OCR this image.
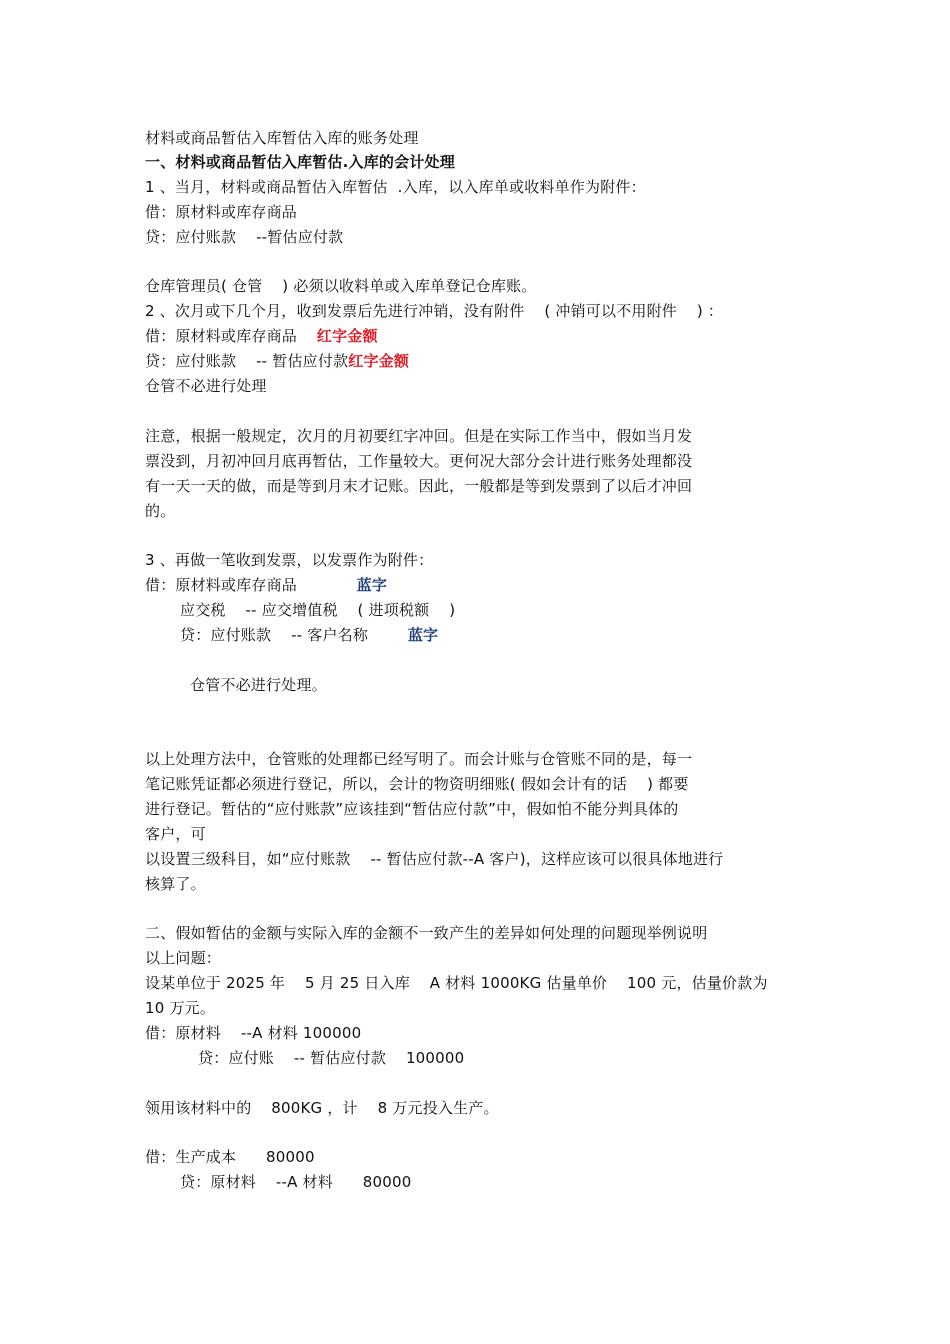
材料或商品暂估入库暂估入库的账务处理
一、材料或商品暂估入库暂估.入库的会计处理
1 、当月，材料或商品暂估入库暂估  .入库，以入库单或收料单作为附件：
借：原材料或库存商品
贷：应付账款    --暂估应付款
仓库管理员( 仓管    ) 必须以收料单或入库单登记仓库账。
2 、次月或下几个月，收到发票后先进行冲销，没有附件    ( 冲销可以不用附件    ) ：
借：原材料或库存商品    红字金额
贷：应付账款    -- 暂估应付款红字金额
仓管不必进行处理
注意，根据一般规定，次月的月初要红字冲回。但是在实际工作当中，假如当月发
票没到，月初冲回月底再暂估，工作量较大。更何况大部分会计进行账务处理都没
有一天一天的做，而是等到月末才记账。因此，一般都是等到发票到了以后才冲回
的。
3 、再做一笔收到发票，以发票作为附件：
借：原材料或库存商品            蓝字
应交税    -- 应交增值税    ( 进项税额    )
贷：应付账款    -- 客户名称        蓝字
仓管不必进行处理。
以上处理方法中，仓管账的处理都已经写明了。而会计账与仓管账不同的是，每一
笔记账凭证都必须进行登记，所以，会计的物资明细账( 假如会计有的话    ) 都要
进行登记。暂估的“应付账款”应该挂到“暂估应付款”中，假如怕不能分判具体的
客户，可
以设置三级科目，如“应付账款    -- 暂估应付款--A 客户)，这样应该可以很具体地进行
核算了。
二、假如暂估的金额与实际入库的金额不一致产生的差异如何处理的问题现举例说明
以上问题：
设某单位于 2025 年    5 月 25 日入库    A 材料 1000KG 估量单价    100 元，估量价款为
10 万元。
借：原材料    --A 材料 100000
贷：应付账    -- 暂估应付款    100000
领用该材料中的    800KG ，计    8 万元投入生产。
借：生产成本      80000
贷：原材料    --A 材料      80000
